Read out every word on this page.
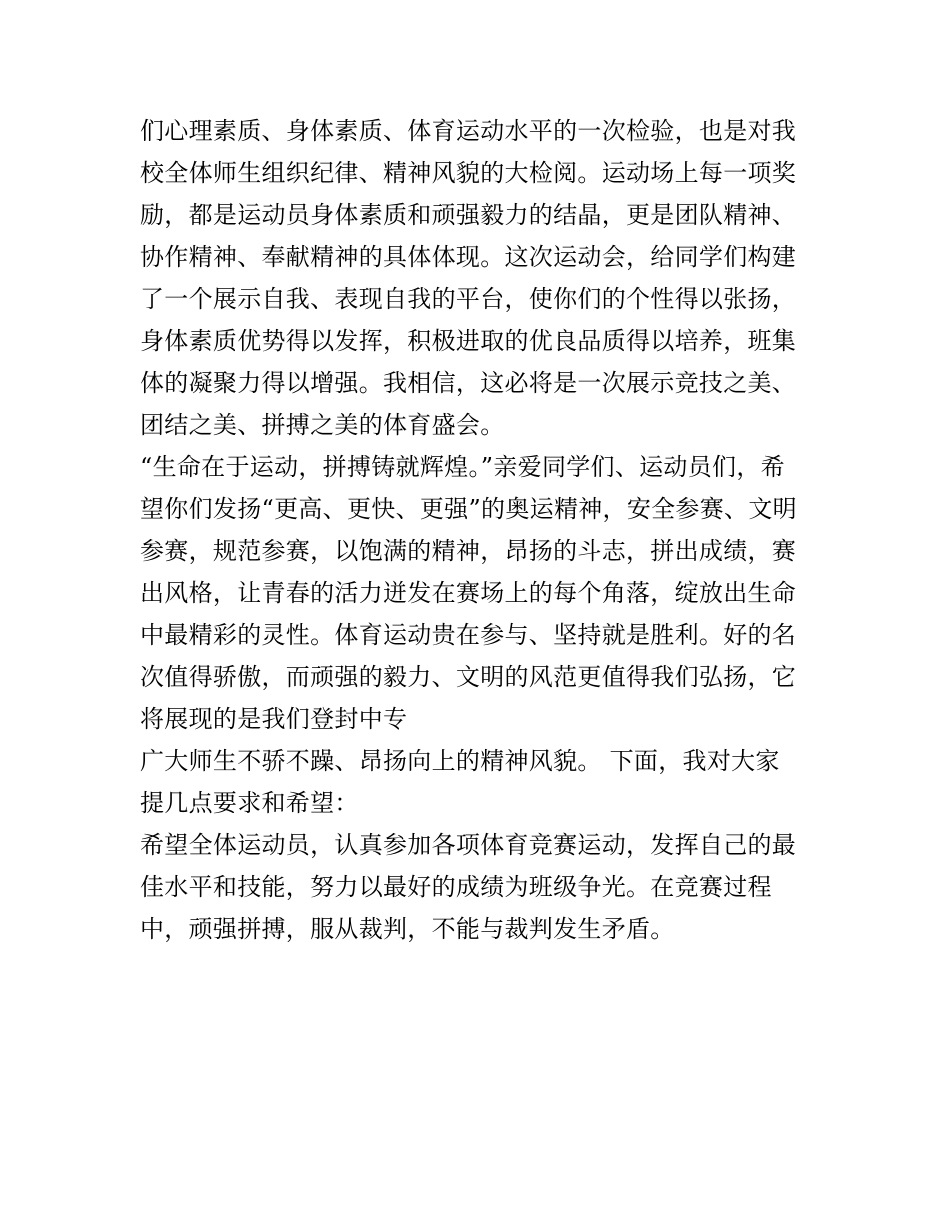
们心理素质、身体素质、体育运动水平的一次检验，也是对我
校全体师生组织纪律、精神风貌的大检阅。运动场上每一项奖
励，都是运动员身体素质和顽强毅力的结晶，更是团队精神、
协作精神、奉献精神的具体体现。这次运动会，给同学们构建
了一个展示自我、表现自我的平台，使你们的个性得以张扬，
身体素质优势得以发挥，积极进取的优良品质得以培养，班集
体的凝聚力得以增强。我相信，这必将是一次展示竞技之美、
团结之美、拼搏之美的体育盛会。
“生命在于运动，拼搏铸就辉煌。”亲爱同学们、运动员们，希
望你们发扬“更高、更快、更强”的奥运精神，安全参赛、文明
参赛，规范参赛，以饱满的精神，昂扬的斗志，拼出成绩，赛
出风格，让青春的活力迸发在赛场上的每个角落，绽放出生命
中最精彩的灵性。体育运动贵在参与、坚持就是胜利。好的名
次值得骄傲，而顽强的毅力、文明的风范更值得我们弘扬，它
将展现的是我们登封中专
广大师生不骄不躁、昂扬向上的精神风貌。 下面，我对大家
提几点要求和希望：
希望全体运动员，认真参加各项体育竞赛运动，发挥自己的最
佳水平和技能，努力以最好的成绩为班级争光。在竞赛过程
中，顽强拼搏，服从裁判，不能与裁判发生矛盾。
